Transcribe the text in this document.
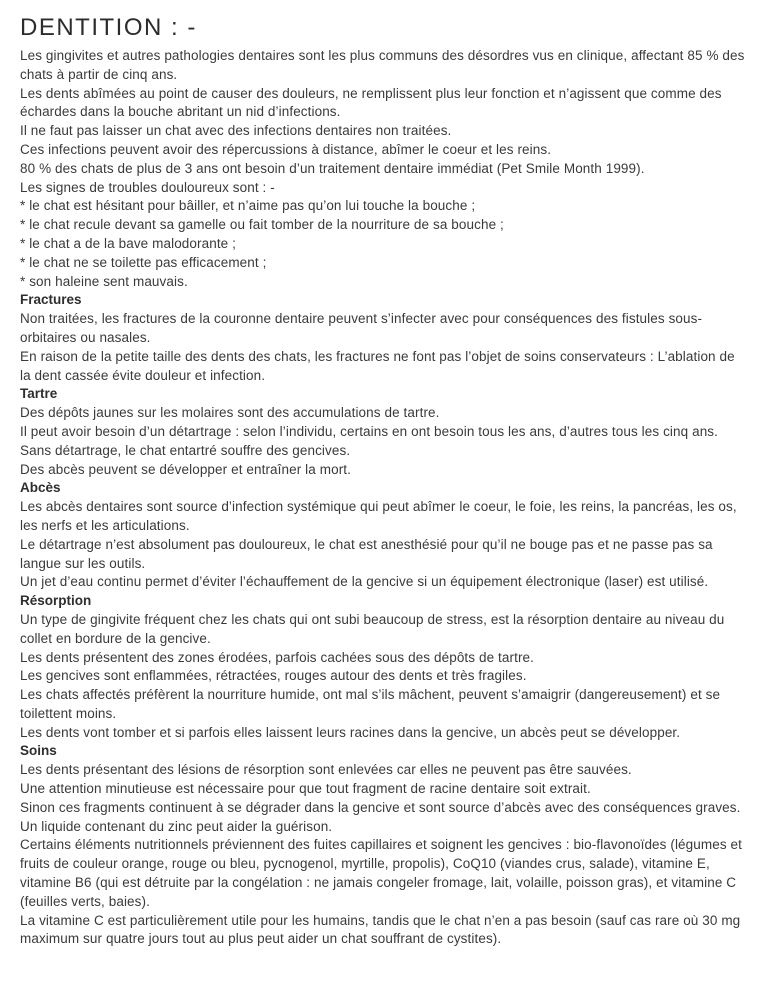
DENTITION : -

Les gingivites et autres pathologies dentaires sont les plus communs des désordres vus en clinique, affectant 85 % des chats à partir de cinq ans.

Les dents abîmées au point de causer des douleurs, ne remplissent plus leur fonction et n’agissent que comme des échardes dans la bouche abritant un nid d’infections.

Il ne faut pas laisser un chat avec des infections dentaires non traitées.

Ces infections peuvent avoir des répercussions à distance, abîmer le coeur et les reins.

80 % des chats de plus de 3 ans ont besoin d’un traitement dentaire immédiat (Pet Smile Month 1999).

Les signes de troubles douloureux sont : -

* le chat est hésitant pour bâiller, et n’aime pas qu’on lui touche la bouche ;

* le chat recule devant sa gamelle ou fait tomber de la nourriture de sa bouche ;

* le chat a de la bave malodorante ;

* le chat ne se toilette pas efficacement ;

* son haleine sent mauvais.

Fractures

Non traitées, les fractures de la couronne dentaire peuvent s’infecter avec pour conséquences des fistules sous-orbitaires ou nasales.

En raison de la petite taille des dents des chats, les fractures ne font pas l’objet de soins conservateurs : L’ablation de la dent cassée évite douleur et infection.

Tartre

Des dépôts jaunes sur les molaires sont des accumulations de tartre.

Il peut avoir besoin d’un détartrage : selon l’individu, certains en ont besoin tous les ans, d’autres tous les cinq ans.

Sans détartrage, le chat entartré souffre des gencives.

Des abcès peuvent se développer et entraîner la mort.

Abcès

Les abcès dentaires sont source d’infection systémique qui peut abîmer le coeur, le foie, les reins, la pancréas, les os, les nerfs et les articulations.

Le détartrage n’est absolument pas douloureux, le chat est anesthésié pour qu’il ne bouge pas et ne passe pas sa langue sur les outils.

Un jet d’eau continu permet d’éviter l’échauffement de la gencive si un équipement électronique (laser) est utilisé.

Résorption

Un type de gingivite fréquent chez les chats qui ont subi beaucoup de stress, est la résorption dentaire au niveau du collet en bordure de la gencive.

Les dents présentent des zones érodées, parfois cachées sous des dépôts de tartre.

Les gencives sont enflammées, rétractées, rouges autour des dents et très fragiles.

Les chats affectés préfèrent la nourriture humide, ont mal s’ils mâchent, peuvent s’amaigrir (dangereusement) et se toilettent moins.

Les dents vont tomber et si parfois elles laissent leurs racines dans la gencive, un abcès peut se développer.

Soins

Les dents présentant des lésions de résorption sont enlevées car elles ne peuvent pas être sauvées.

Une attention minutieuse est nécessaire pour que tout fragment de racine dentaire soit extrait.

Sinon ces fragments continuent à se dégrader dans la gencive et sont source d’abcès avec des conséquences graves.

Un liquide contenant du zinc peut aider la guérison.

Certains éléments nutritionnels préviennent des fuites capillaires et soignent les gencives : bio-flavonoïdes (légumes et fruits de couleur orange, rouge ou bleu, pycnogenol, myrtille, propolis), CoQ10 (viandes crus, salade), vitamine E, vitamine B6 (qui est détruite par la congélation : ne jamais congeler fromage, lait, volaille, poisson gras), et vitamine C (feuilles verts, baies).

La vitamine C est particulièrement utile pour les humains, tandis que le chat n’en a pas besoin (sauf cas rare où 30 mg maximum sur quatre jours tout au plus peut aider un chat souffrant de cystites).
